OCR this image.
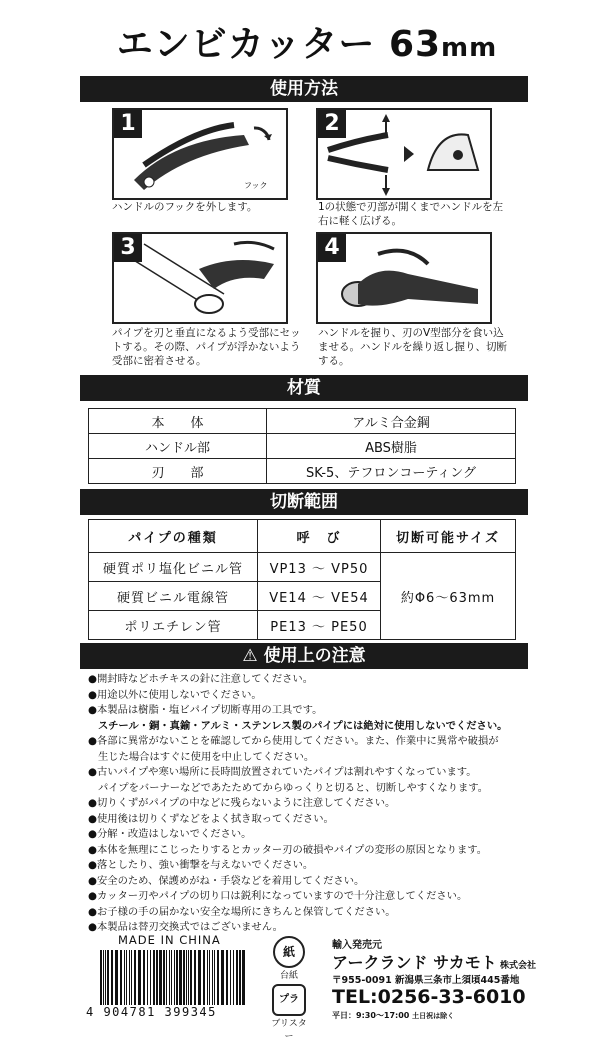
エンビカッター 63mm
使用方法
1
フック
ハンドルのフックを外します。
2
1の状態で刃部が開くまでハンドルを左右に軽く広げる。
3
パイプを刃と垂直になるよう受部にセットする。その際、パイプが浮かないよう受部に密着させる。
4
ハンドルを握り、刃のV型部分を食い込ませる。ハンドルを繰り返し握り、切断する。
材質
本　　体	アルミ合金鋼
ハンドル部	ABS樹脂
刃　　部	SK-5、テフロンコーティング
切断範囲
パイプの種類	呼　び	切断可能サイズ
硬質ポリ塩化ビニル管	VP13 ～ VP50	約Φ6～63mm
硬質ビニル電線管	VE14 ～ VE54	
ポリエチレン管	PE13 ～ PE50	
⚠ 使用上の注意
●開封時などホチキスの針に注意してください。
●用途以外に使用しないでください。
●本製品は樹脂・塩ビパイプ切断専用の工具です。
スチール・銅・真鍮・アルミ・ステンレス製のパイプには絶対に使用しないでください。
●各部に異常がないことを確認してから使用してください。また、作業中に異常や破損が
生じた場合はすぐに使用を中止してください。
●古いパイプや寒い場所に長時間放置されていたパイプは割れやすくなっています。
パイプをバーナーなどであたためてからゆっくりと切ると、切断しやすくなります。
●切りくずがパイプの中などに残らないように注意してください。
●使用後は切りくずなどをよく拭き取ってください。
●分解・改造はしないでください。
●本体を無理にこじったりするとカッター刃の破損やパイプの変形の原因となります。
●落としたり、強い衝撃を与えないでください。
●安全のため、保護めがね・手袋などを着用してください。
●カッター刃やパイプの切り口は鋭利になっていますので十分注意してください。
●お子様の手の届かない安全な場所にきちんと保管してください。
●本製品は替刃交換式ではございません。
MADE IN CHINA
4 904781 399345
紙
台紙
プラ
ブリスター
輸入発売元
アークランド サカモト 株式会社
〒955-0091 新潟県三条市上須頃445番地
TEL:0256-33-6010
平日：9:30～17:00 土日祝は除く
